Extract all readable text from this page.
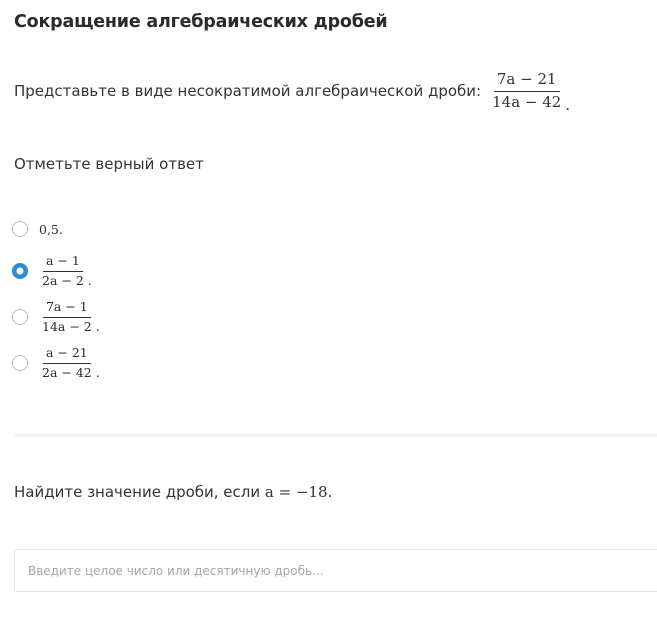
Сокращение алгебраических дробей
Представьте в виде несократимой алгебраической дроби: $\frac{7a - 21}{14a - 42}$ .
Отметьте верный ответ
0,5 .
$\frac{a - 1}{2a - 2}$ .
$\frac{7a - 1}{14a - 2}$ .
$\frac{a - 21}{2a - 42}$ .
Найдите значение дроби, если a = −18.
Введите целое число или десятичную дробь...
